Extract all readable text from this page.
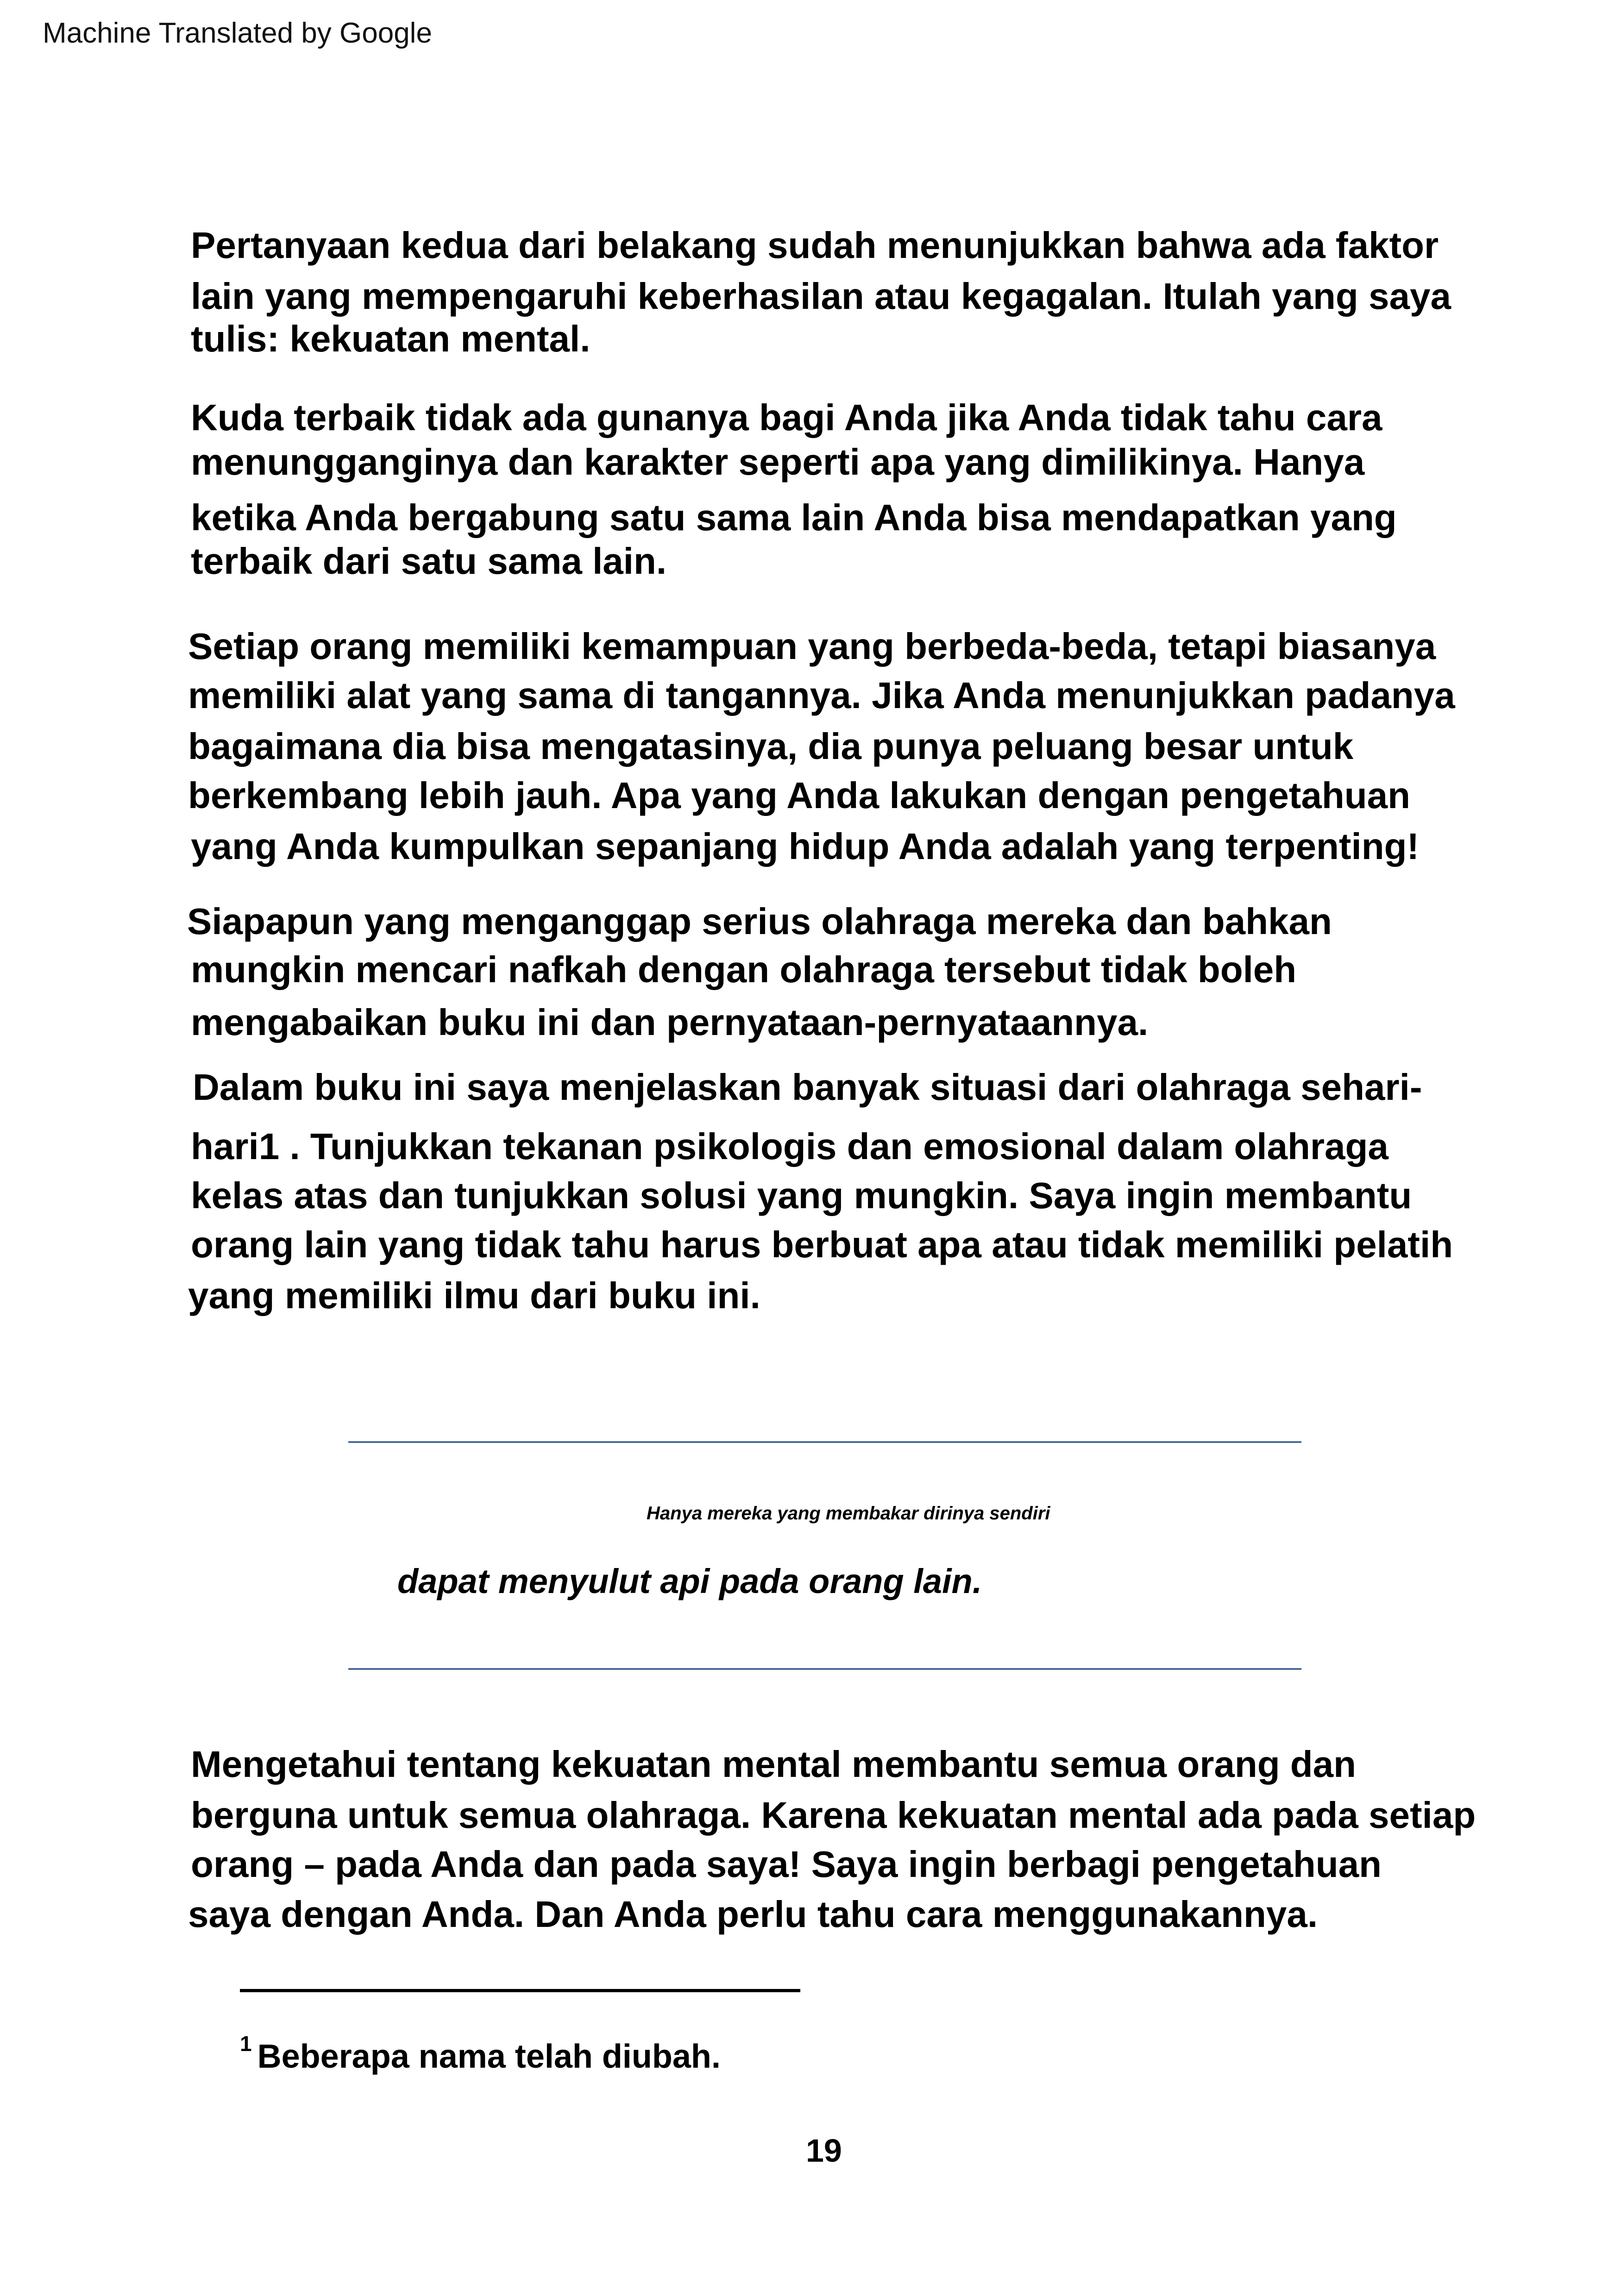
Machine Translated by Google
Pertanyaan kedua dari belakang sudah menunjukkan bahwa ada faktor
lain yang mempengaruhi keberhasilan atau kegagalan. Itulah yang saya
tulis: kekuatan mental.
Kuda terbaik tidak ada gunanya bagi Anda jika Anda tidak tahu cara
menungganginya dan karakter seperti apa yang dimilikinya. Hanya
ketika Anda bergabung satu sama lain Anda bisa mendapatkan yang
terbaik dari satu sama lain.
Setiap orang memiliki kemampuan yang berbeda-beda, tetapi biasanya
memiliki alat yang sama di tangannya. Jika Anda menunjukkan padanya
bagaimana dia bisa mengatasinya, dia punya peluang besar untuk
berkembang lebih jauh. Apa yang Anda lakukan dengan pengetahuan
yang Anda kumpulkan sepanjang hidup Anda adalah yang terpenting!
Siapapun yang menganggap serius olahraga mereka dan bahkan
mungkin mencari nafkah dengan olahraga tersebut tidak boleh
mengabaikan buku ini dan pernyataan-pernyataannya.
Dalam buku ini saya menjelaskan banyak situasi dari olahraga sehari-
hari1 . Tunjukkan tekanan psikologis dan emosional dalam olahraga
kelas atas dan tunjukkan solusi yang mungkin. Saya ingin membantu
orang lain yang tidak tahu harus berbuat apa atau tidak memiliki pelatih
yang memiliki ilmu dari buku ini.
Hanya mereka yang membakar dirinya sendiri
dapat menyulut api pada orang lain.
Mengetahui tentang kekuatan mental membantu semua orang dan
berguna untuk semua olahraga. Karena kekuatan mental ada pada setiap
orang – pada Anda dan pada saya! Saya ingin berbagi pengetahuan
saya dengan Anda. Dan Anda perlu tahu cara menggunakannya.
$^1$ Beberapa nama telah diubah.
19
